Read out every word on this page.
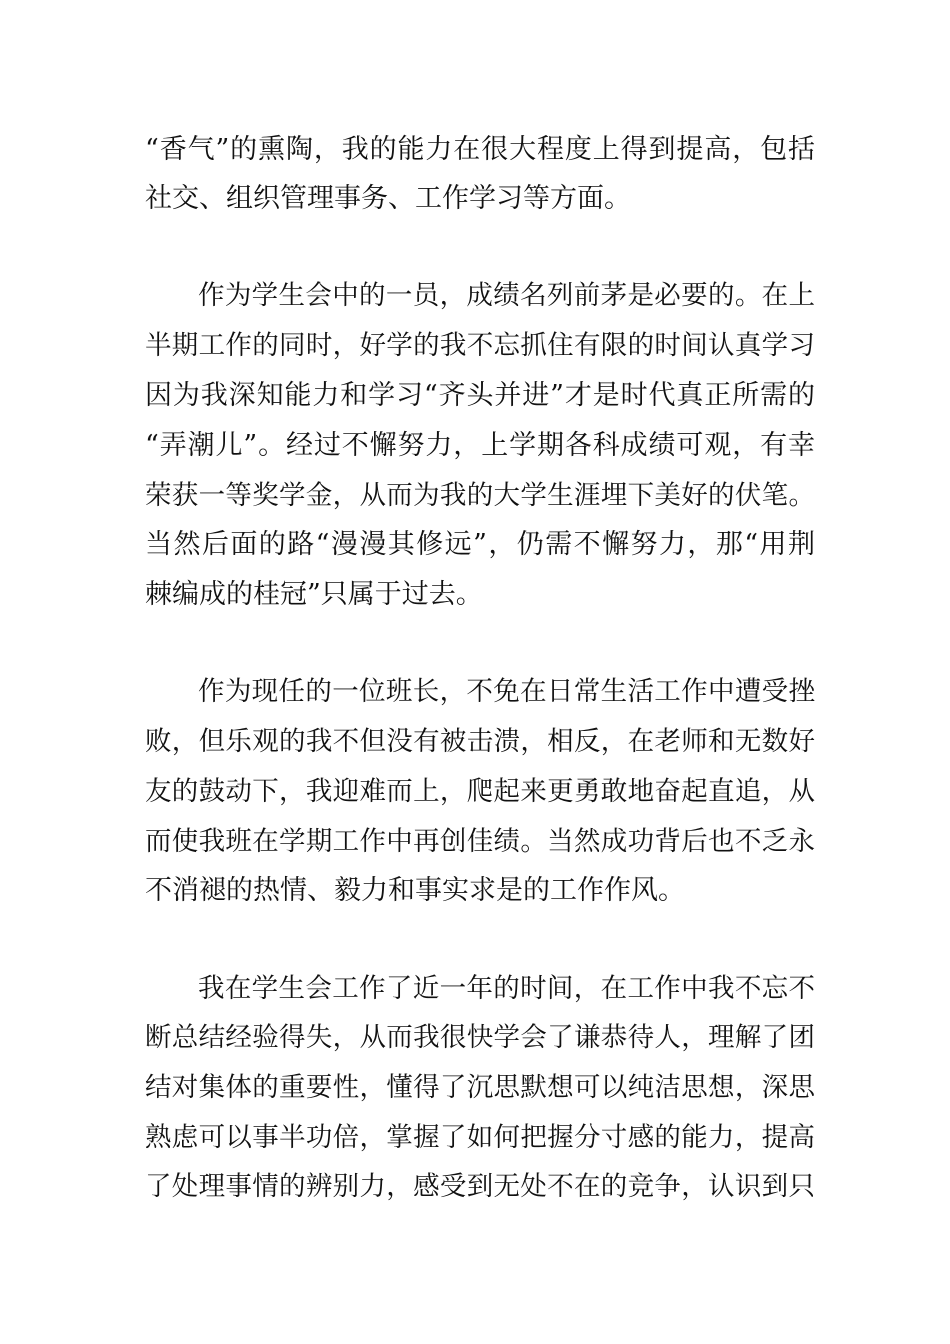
“香气”的熏陶，我的能力在很大程度上得到提高，包括
社交、组织管理事务、工作学习等方面。
作为学生会中的一员，成绩名列前茅是必要的。在上
半期工作的同时，好学的我不忘抓住有限的时间认真学习
因为我深知能力和学习“齐头并进”才是时代真正所需的
“弄潮儿”。经过不懈努力，上学期各科成绩可观，有幸
荣获一等奖学金，从而为我的大学生涯埋下美好的伏笔。
当然后面的路“漫漫其修远”，仍需不懈努力，那“用荆
棘编成的桂冠”只属于过去。
作为现任的一位班长，不免在日常生活工作中遭受挫
败，但乐观的我不但没有被击溃，相反，在老师和无数好
友的鼓动下，我迎难而上，爬起来更勇敢地奋起直追，从
而使我班在学期工作中再创佳绩。当然成功背后也不乏永
不消褪的热情、毅力和事实求是的工作作风。
我在学生会工作了近一年的时间，在工作中我不忘不
断总结经验得失，从而我很快学会了谦恭待人，理解了团
结对集体的重要性，懂得了沉思默想可以纯洁思想，深思
熟虑可以事半功倍，掌握了如何把握分寸感的能力，提高
了处理事情的辨别力，感受到无处不在的竞争，认识到只
